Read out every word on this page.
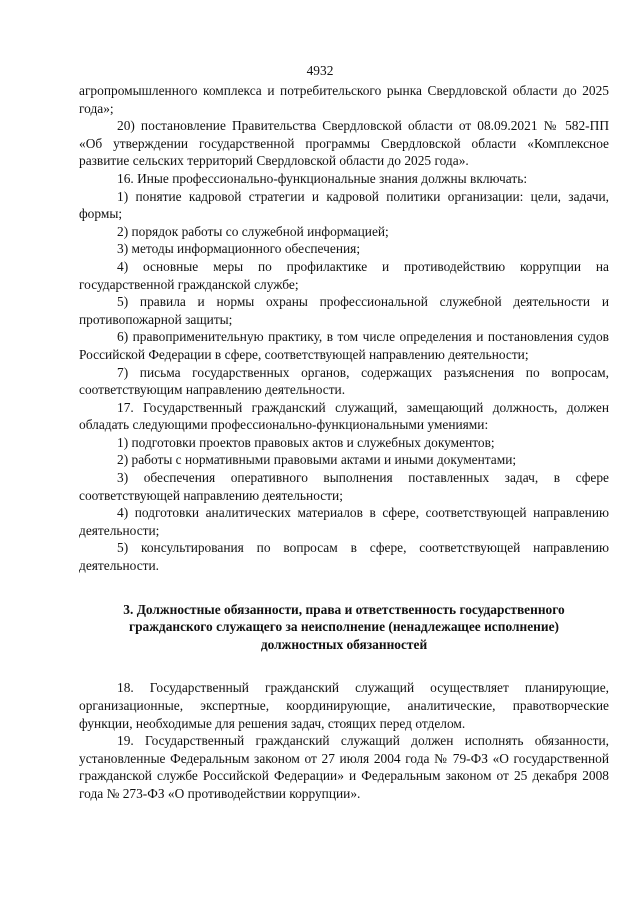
4932

агропромышленного комплекса и потребительского рынка Свердловской области до 2025 года»;

20) постановление Правительства Свердловской области от 08.09.2021 № 582-ПП «Об утверждении государственной программы Свердловской области «Комплексное развитие сельских территорий Свердловской области до 2025 года».

16. Иные профессионально-функциональные знания должны включать:

1) понятие кадровой стратегии и кадровой политики организации: цели, задачи, формы;

2) порядок работы со служебной информацией;

3) методы информационного обеспечения;

4) основные меры по профилактике и противодействию коррупции на государственной гражданской службе;

5) правила и нормы охраны профессиональной служебной деятельности и противопожарной защиты;

6) правоприменительную практику, в том числе определения и постановления судов Российской Федерации в сфере, соответствующей направлению деятельности;

7) письма государственных органов, содержащих разъяснения по вопросам, соответствующим направлению деятельности.

17. Государственный гражданский служащий, замещающий должность, должен обладать следующими профессионально-функциональными умениями:

1) подготовки проектов правовых актов и служебных документов;

2) работы с нормативными правовыми актами и иными документами;

3) обеспечения оперативного выполнения поставленных задач, в сфере соответствующей направлению деятельности;

4) подготовки аналитических материалов в сфере, соответствующей направлению деятельности;

5) консультирования по вопросам в сфере, соответствующей направлению деятельности.

3. Должностные обязанности, права и ответственность государственного гражданского служащего за неисполнение (ненадлежащее исполнение) должностных обязанностей

18. Государственный гражданский служащий осуществляет планирующие, организационные, экспертные, координирующие, аналитические, правотворческие функции, необходимые для решения задач, стоящих перед отделом.

19. Государственный гражданский служащий должен исполнять обязанности, установленные Федеральным законом от 27 июля 2004 года № 79-ФЗ «О государственной гражданской службе Российской Федерации» и Федеральным законом от 25 декабря 2008 года № 273-ФЗ «О противодействии коррупции».
